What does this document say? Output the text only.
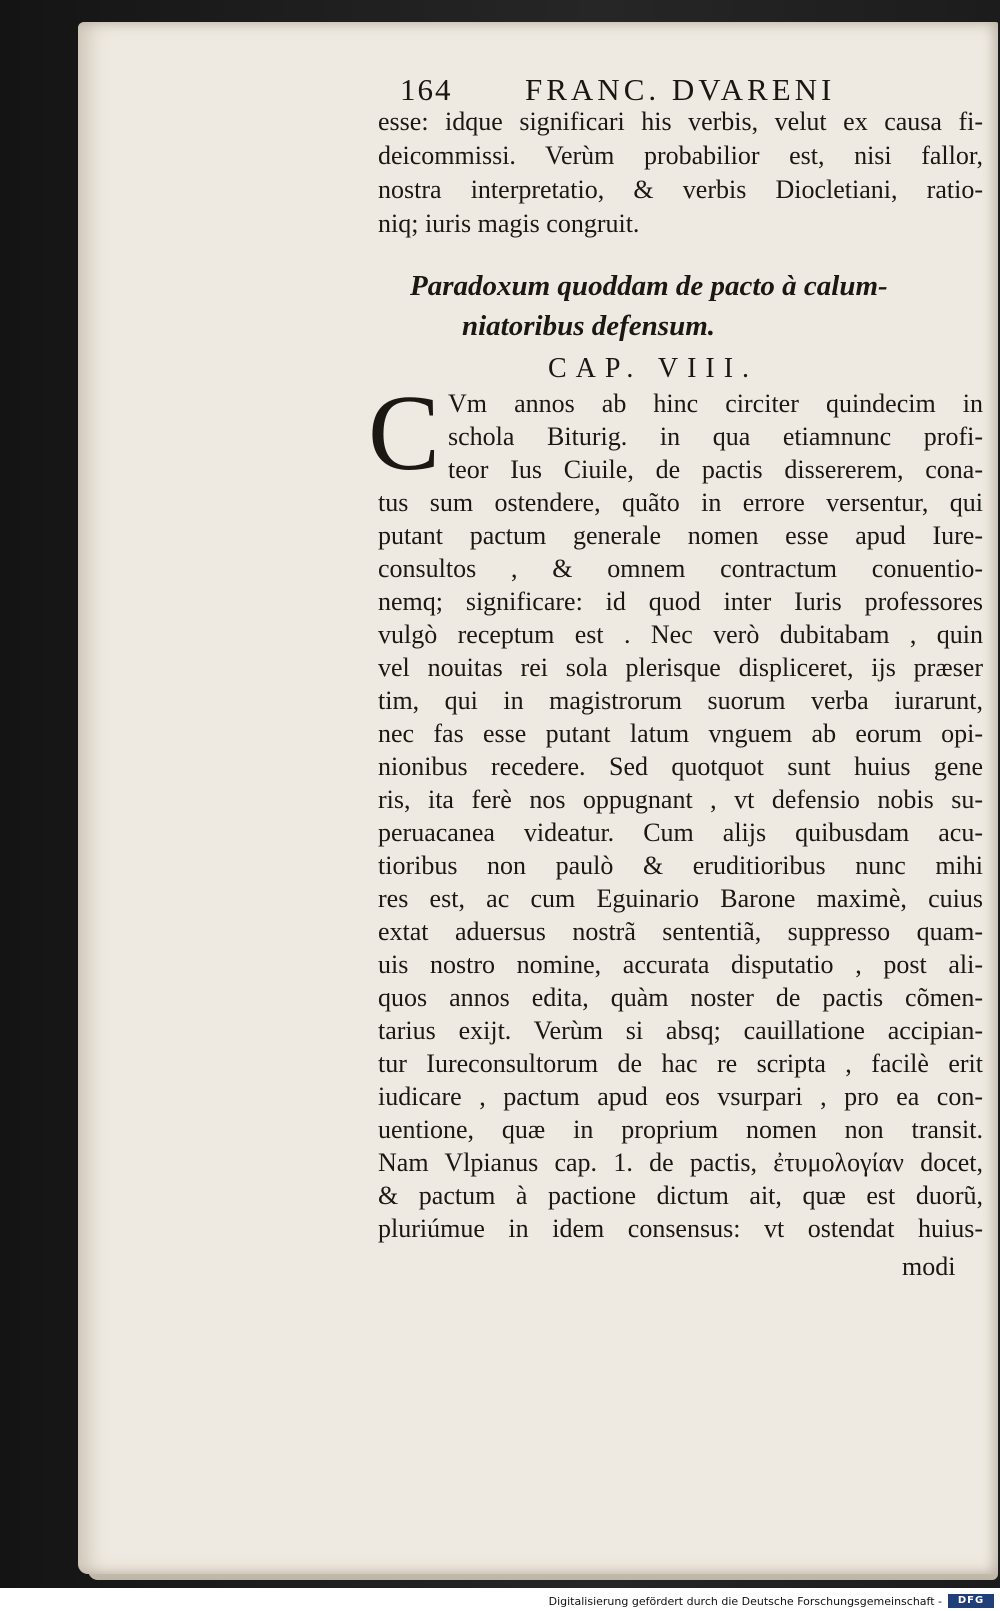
164 FRANC. DVARENI
esse: idque significari his verbis, velut ex causa fi-
deicommissi. Verùm probabilior est, nisi fallor,
nostra interpretatio, & verbis Diocletiani, ratio-
niq; iuris magis congruit.
Paradoxum quoddam de pacto à calum-
niatoribus defensum.
CAP. VIII.
C Vm annos ab hinc circiter quindecim in
schola Biturig. in qua etiamnunc profi-
teor Ius Ciuile, de pactis dissererem, cona-
tus sum ostendere, quãto in errore versentur, qui
putant pactum generale nomen esse apud Iure-
consultos , & omnem contractum conuentio-
nemq; significare: id quod inter Iuris professores
vulgò receptum est . Nec verò dubitabam , quin
vel nouitas rei sola plerisque displiceret, ijs præser
tim, qui in magistrorum suorum verba iurarunt,
nec fas esse putant latum vnguem ab eorum opi-
nionibus recedere. Sed quotquot sunt huius gene
ris, ita ferè nos oppugnant , vt defensio nobis su-
peruacanea videatur. Cum alijs quibusdam acu-
tioribus non paulò & eruditioribus nunc mihi
res est, ac cum Eguinario Barone maximè, cuius
extat aduersus nostrã sententiã, suppresso quam-
uis nostro nomine, accurata disputatio , post ali-
quos annos edita, quàm noster de pactis cõmen-
tarius exijt. Verùm si absq; cauillatione accipian-
tur Iureconsultorum de hac re scripta , facilè erit
iudicare , pactum apud eos vsurpari , pro ea con-
uentione, quæ in proprium nomen non transit.
Nam Vlpianus cap. 1. de pactis, ἐτυμολογίαν docet,
& pactum à pactione dictum ait, quæ est duorũ,
pluriúmue in idem consensus: vt ostendat huius-
modi
Digitalisierung gefördert durch die Deutsche Forschungsgemeinschaft -	DFG
